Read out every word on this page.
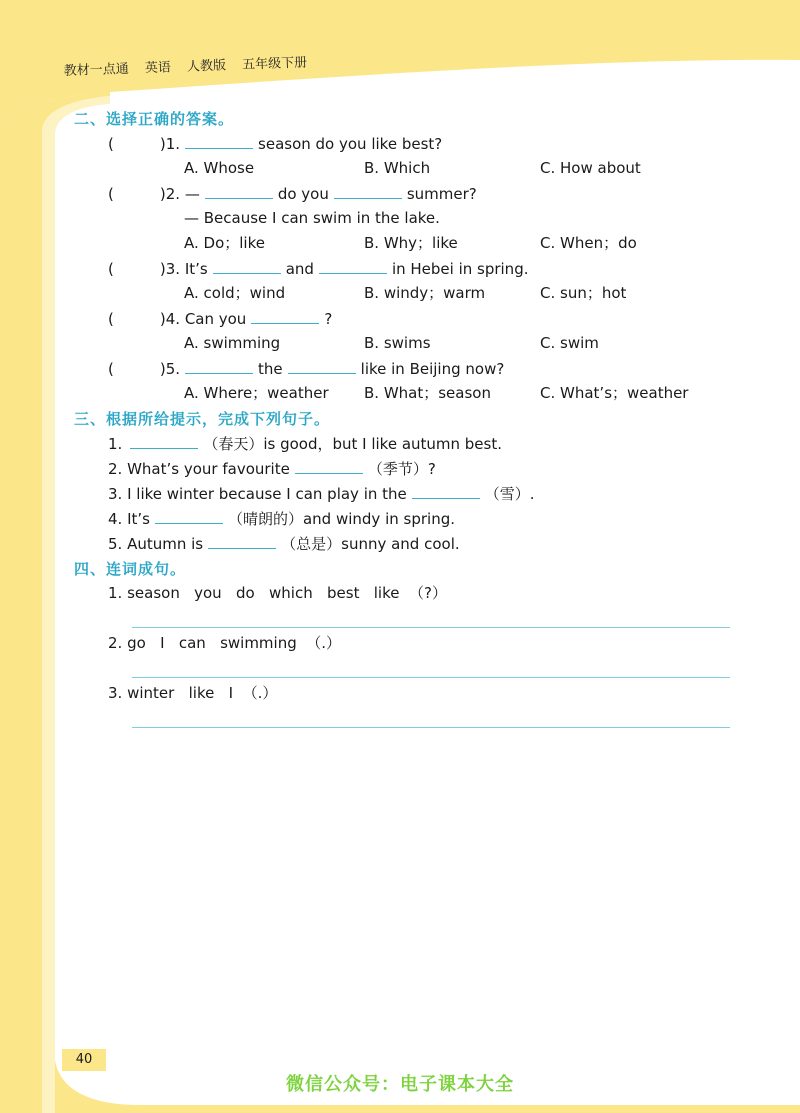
教材一点通 英语 人教版 五年级下册
二、选择正确的答案。
(	)1.	season do you like best?
A. Whose	B. Which	C. How about
(	)2. —	do you	summer?
— Because I can swim in the lake.
A. Do；like	B. Why；like	C. When；do
(	)3. It’s	and	in Hebei in spring.
A. cold；wind	B. windy；warm	C. sun；hot
(	)4. Can you	?
A. swimming	B. swims	C. swim
(	)5.	the	like in Beijing now?
A. Where；weather B. What；season	C. What’s；weather
三、根据所给提示，完成下列句子。
1.	（春天）is good，but I like autumn best.
2. What’s your favourite	（季节）?
3. I like winter because I can play in the	（雪）.
4. It’s	（晴朗的）and windy in spring.
5. Autumn is	（总是）sunny and cool.
四、连词成句。
1. season   you   do   which   best   like  （?）
2. go   I   can   swimming  （.）
3. winter   like   I  （.）
40
微信公众号：电子课本大全
